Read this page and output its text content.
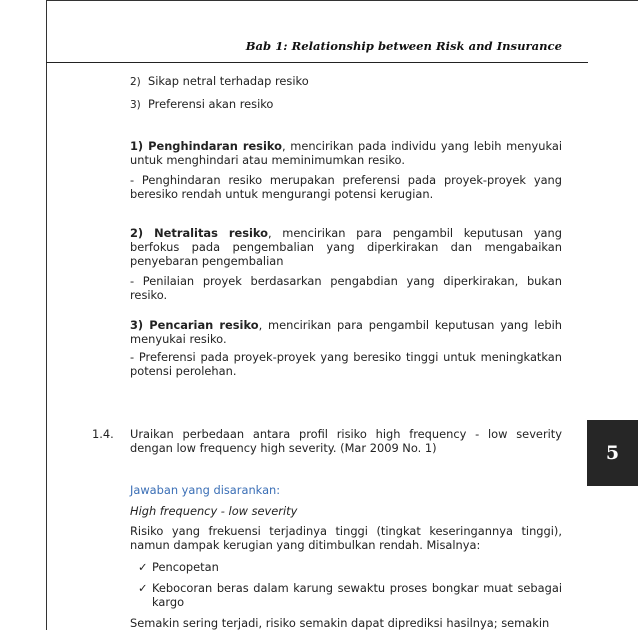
Bab 1: Relationship between Risk and Insurance
5
2) Sikap netral terhadap resiko
3) Preferensi akan resiko
1) Penghindaran resiko, mencirikan pada individu yang lebih menyukai untuk menghindari atau meminimumkan resiko.
- Penghindaran resiko merupakan preferensi pada proyek-proyek yang beresiko rendah untuk mengurangi potensi kerugian.
2) Netralitas resiko, mencirikan para pengambil keputusan yang berfokus pada pengembalian yang diperkirakan dan mengabaikan penyebaran pengembalian
- Penilaian proyek berdasarkan pengabdian yang diperkirakan, bukan resiko.
3) Pencarian resiko, mencirikan para pengambil keputusan yang lebih menyukai resiko.
- Preferensi pada proyek-proyek yang beresiko tinggi untuk meningkatkan potensi perolehan.
1.4. Uraikan perbedaan antara profil risiko high frequency - low severity dengan low frequency high severity. (Mar 2009 No. 1)
Jawaban yang disarankan:
High frequency - low severity
Risiko yang frekuensi terjadinya tinggi (tingkat keseringannya tinggi), namun dampak kerugian yang ditimbulkan rendah. Misalnya:
✓ Pencopetan
✓ Kebocoran beras dalam karung sewaktu proses bongkar muat sebagai kargo
Semakin sering terjadi, risiko semakin dapat diprediksi hasilnya; semakin
